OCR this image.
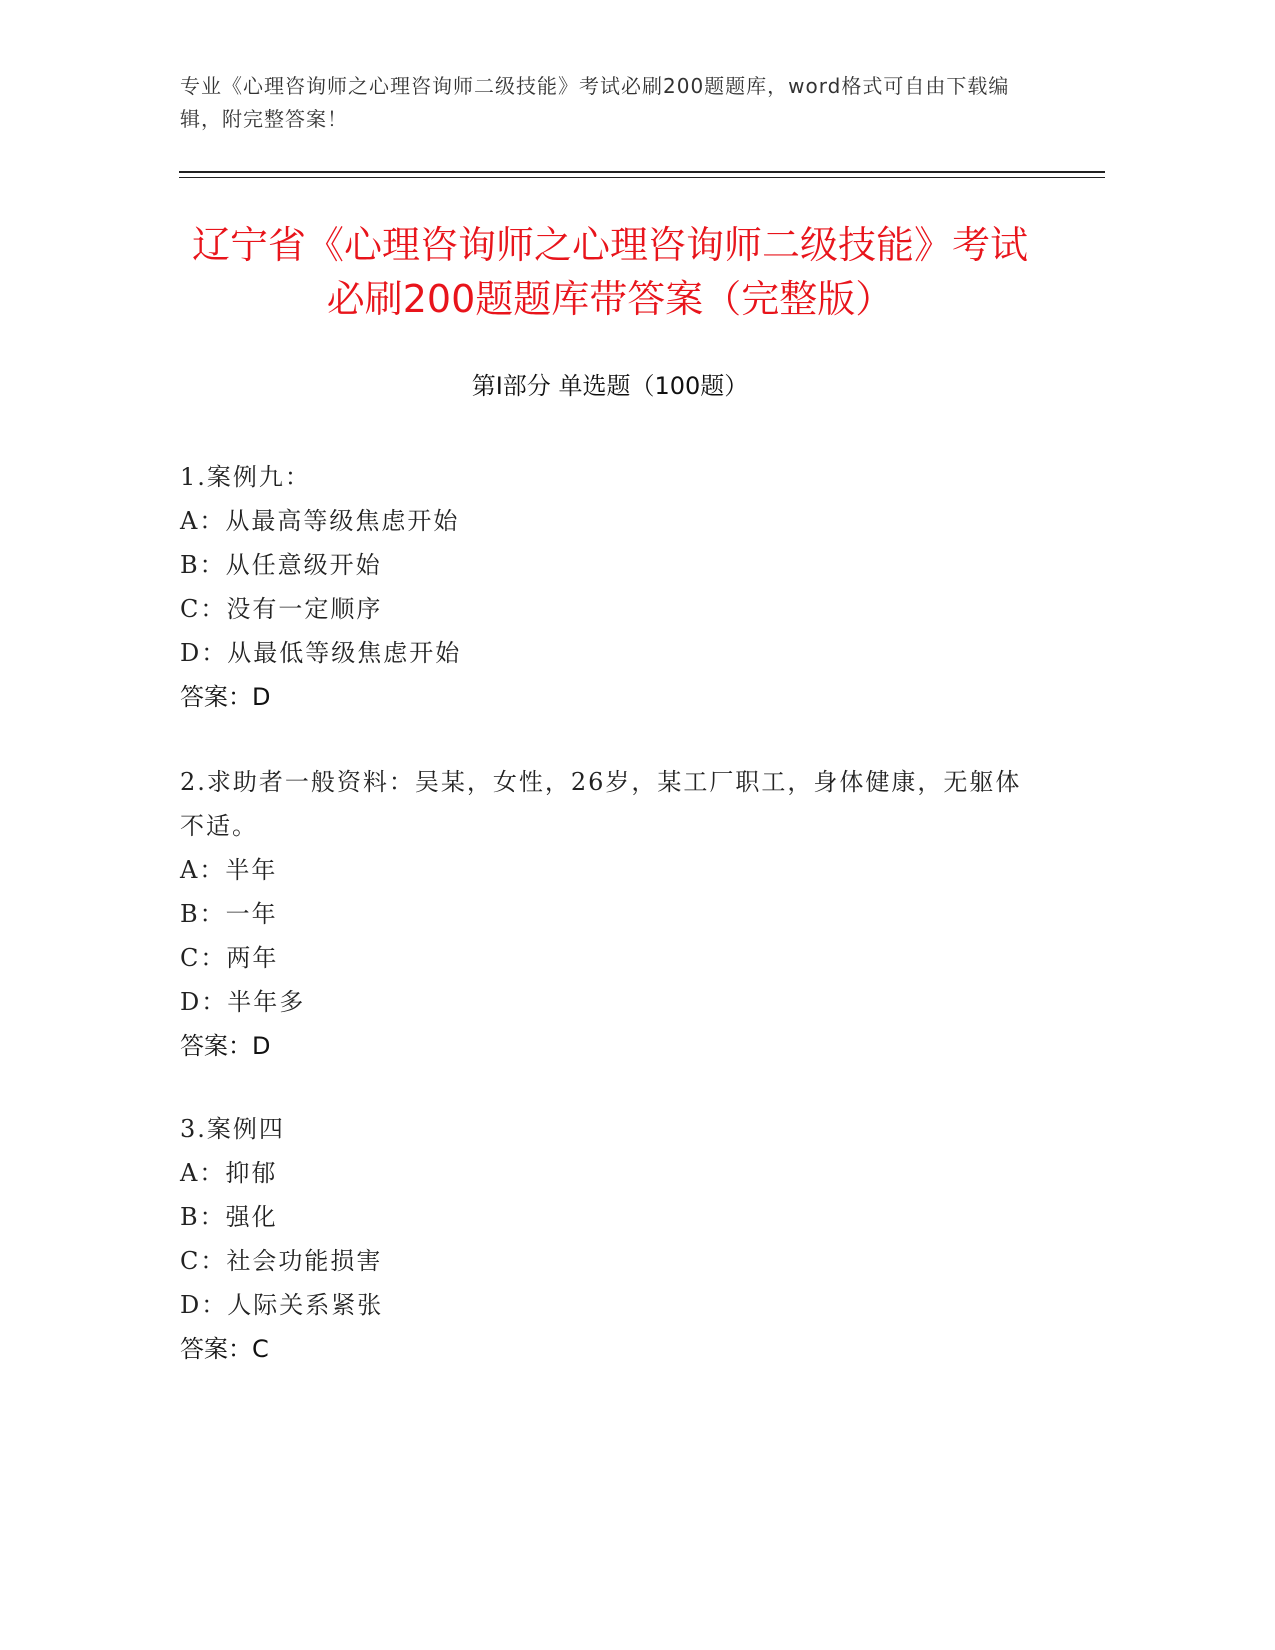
专业《心理咨询师之心理咨询师二级技能》考试必刷200题题库，word格式可自由下载编辑，附完整答案！
辽宁省《心理咨询师之心理咨询师二级技能》考试必刷200题题库带答案（完整版）
第Ⅰ部分 单选题（100题）
1.案例九：
A：从最高等级焦虑开始
B：从任意级开始
C：没有一定顺序
D：从最低等级焦虑开始
答案：D
2.求助者一般资料：吴某，女性，26岁，某工厂职工，身体健康，无躯体不适。
A：半年
B：一年
C：两年
D：半年多
答案：D
3.案例四
A：抑郁
B：强化
C：社会功能损害
D：人际关系紧张
答案：C
